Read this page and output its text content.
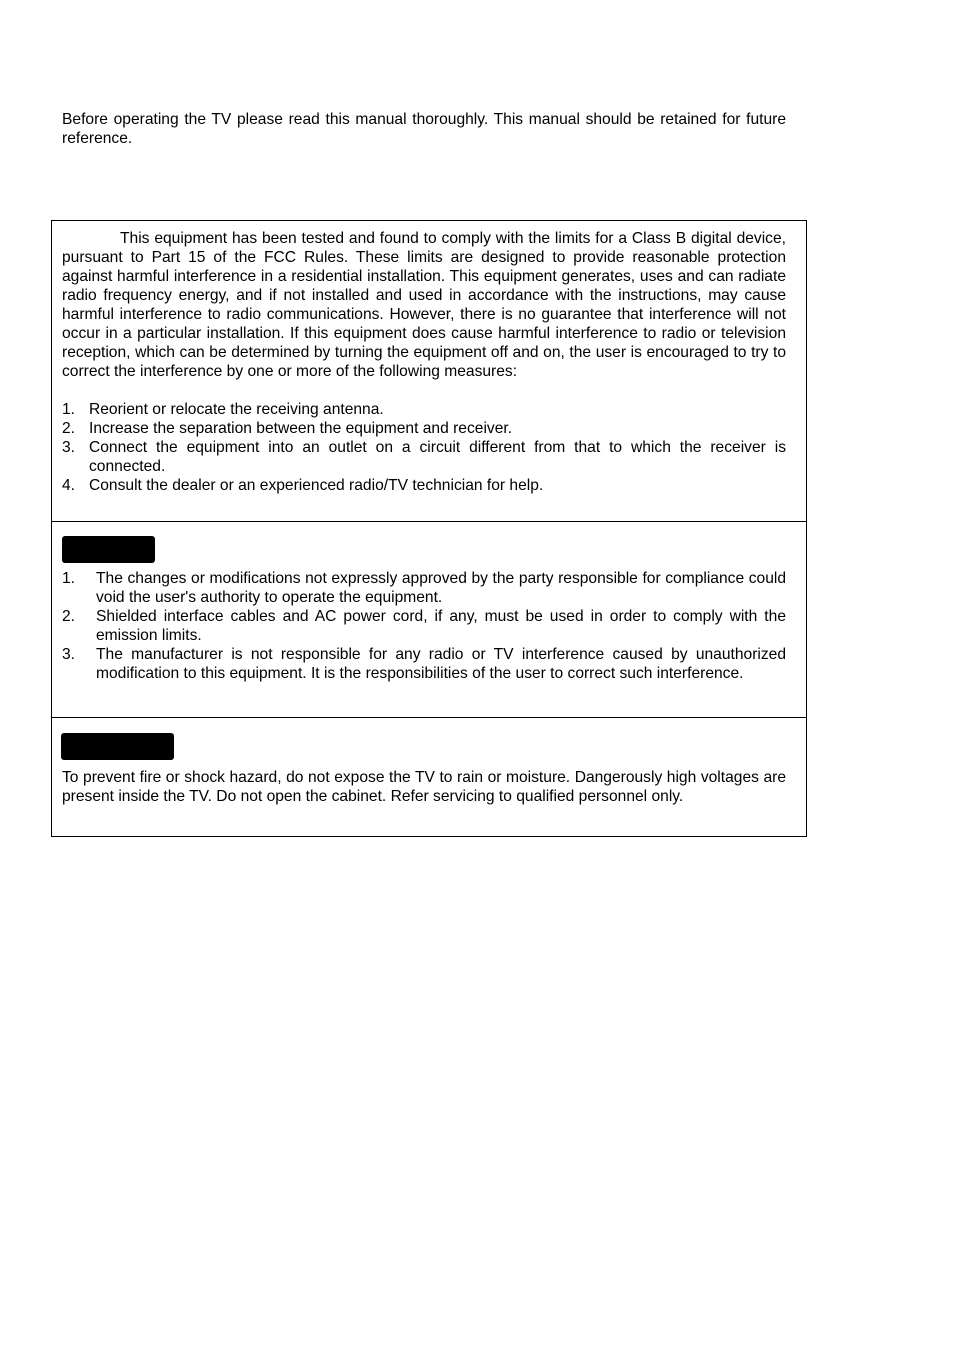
Before operating the TV please read this manual thoroughly. This manual should be retained for future reference.

This equipment has been tested and found to comply with the limits for a Class B digital device, pursuant to Part 15 of the FCC Rules. These limits are designed to provide reasonable protection against harmful interference in a residential installation. This equipment generates, uses and can radiate radio frequency energy, and if not installed and used in accordance with the instructions, may cause harmful interference to radio communications. However, there is no guarantee that interference will not occur in a particular installation. If this equipment does cause harmful interference to radio or television reception, which can be determined by turning the equipment off and on, the user is encouraged to try to correct the interference by one or more of the following measures:

1. Reorient or relocate the receiving antenna.
2. Increase the separation between the equipment and receiver.
3. Connect the equipment into an outlet on a circuit different from that to which the receiver is connected.
4. Consult the dealer or an experienced radio/TV technician for help.
1. The changes or modifications not expressly approved by the party responsible for compliance could void the user's authority to operate the equipment.
2. Shielded interface cables and AC power cord, if any, must be used in order to comply with the emission limits.
3. The manufacturer is not responsible for any radio or TV interference caused by unauthorized modification to this equipment. It is the responsibilities of the user to correct such interference.

To prevent fire or shock hazard, do not expose the TV to rain or moisture. Dangerously high voltages are present inside the TV. Do not open the cabinet. Refer servicing to qualified personnel only.
